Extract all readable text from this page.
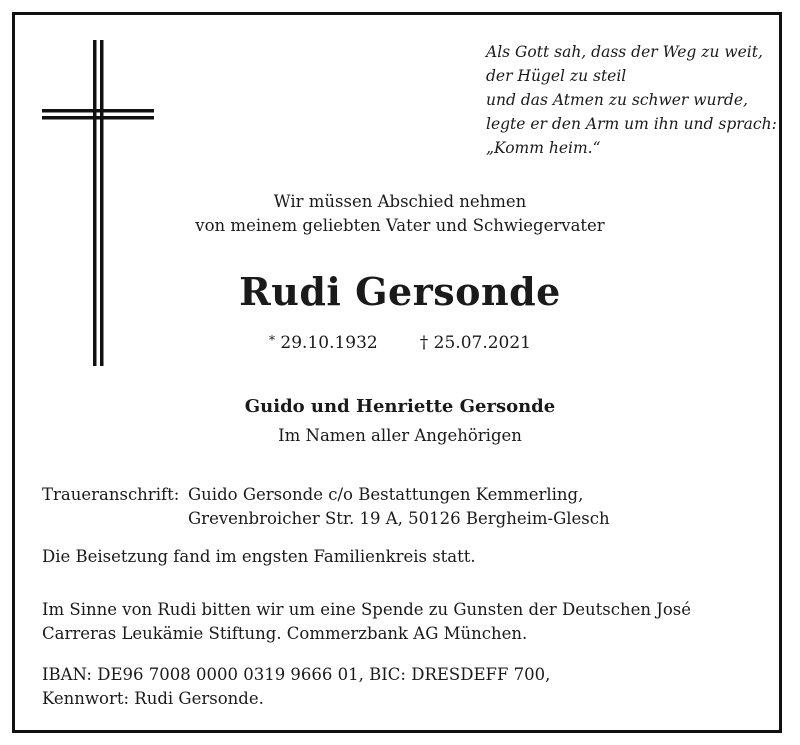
Als Gott sah, dass der Weg zu weit,
der Hügel zu steil
und das Atmen zu schwer wurde,
legte er den Arm um ihn und sprach:
„Komm heim.“
Wir müssen Abschied nehmen
von meinem geliebten Vater und Schwiegervater
Rudi Gersonde
* 29.10.1932 † 25.07.2021
Guido und Henriette Gersonde
Im Namen aller Angehörigen
Traueranschrift: Guido Gersonde c/o Bestattungen Kemmerling,
Grevenbroicher Str. 19 A, 50126 Bergheim-Glesch
Die Beisetzung fand im engsten Familienkreis statt.
Im Sinne von Rudi bitten wir um eine Spende zu Gunsten der Deutschen José
Carreras Leukämie Stiftung. Commerzbank AG München.
IBAN: DE96 7008 0000 0319 9666 01, BIC: DRESDEFF 700,
Kennwort: Rudi Gersonde.
